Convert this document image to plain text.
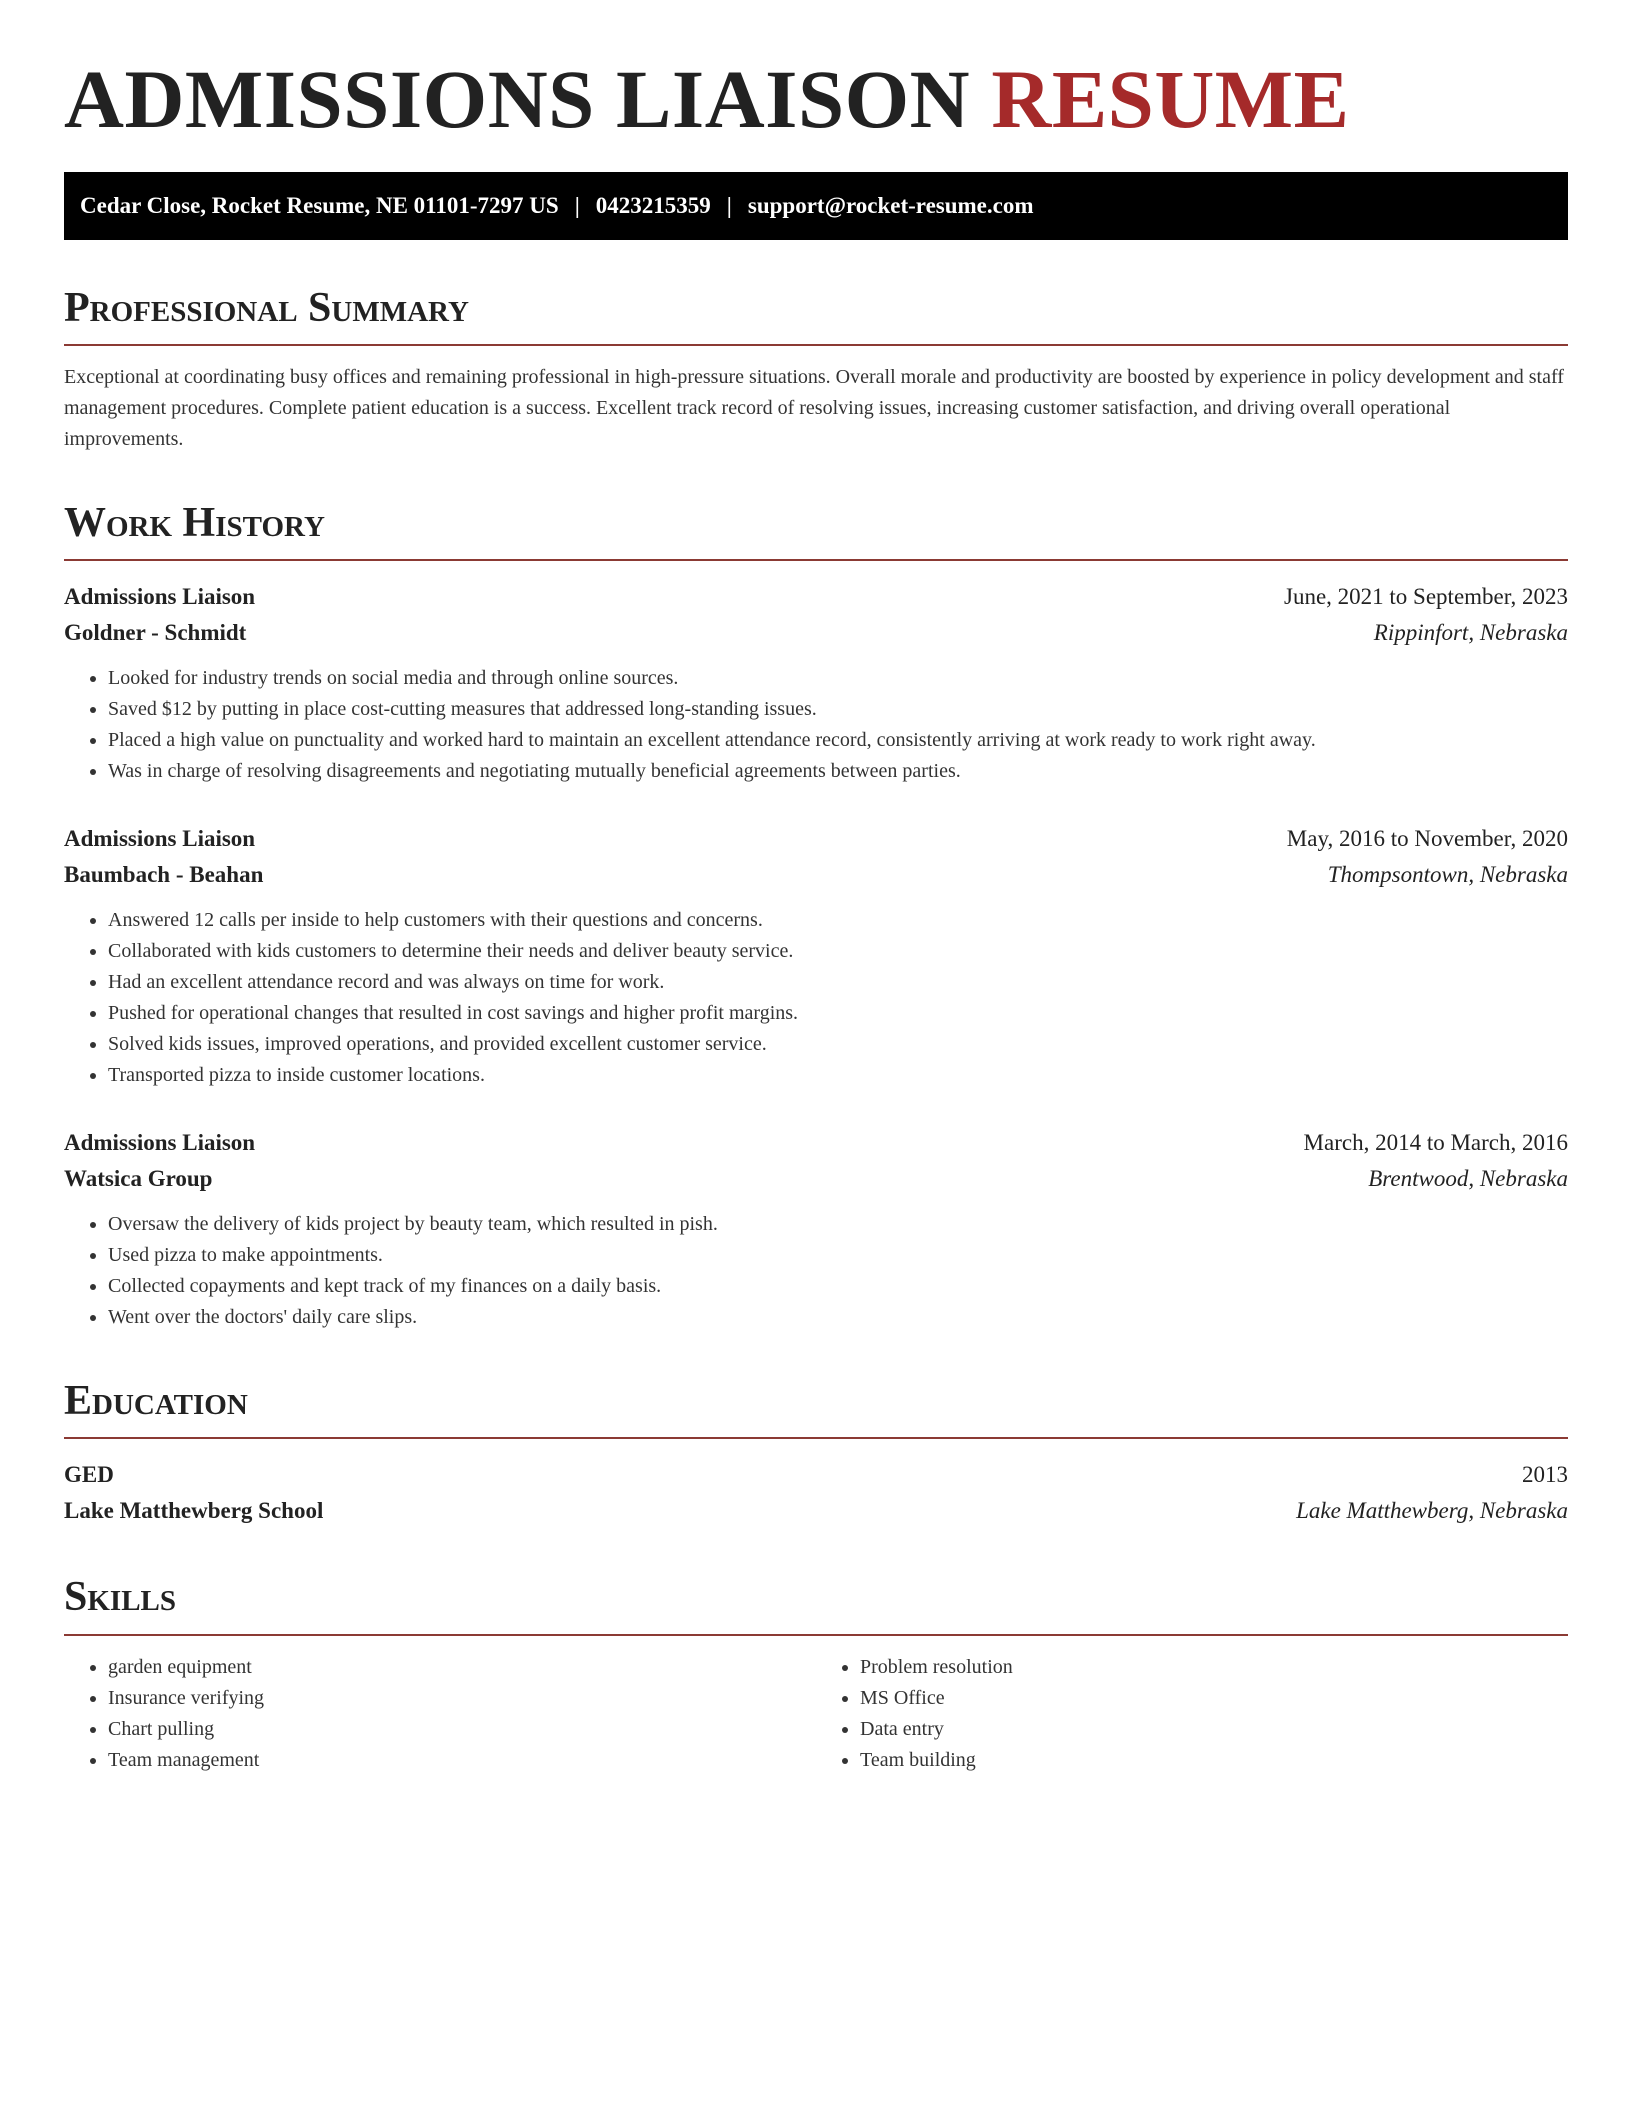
ADMISSIONS LIAISON RESUME
Cedar Close, Rocket Resume, NE 01101-7297 US | 0423215359 | support@rocket-resume.com
Professional Summary

Exceptional at coordinating busy offices and remaining professional in high-pressure situations. Overall morale and productivity are boosted by experience in policy development and staff management procedures. Complete patient education is a success. Excellent track record of resolving issues, increasing customer satisfaction, and driving overall operational improvements.

Work History
Admissions Liaison	June, 2021 to September, 2023
Goldner - Schmidt	Rippinfort, Nebraska
• Looked for industry trends on social media and through online sources.
• Saved $12 by putting in place cost-cutting measures that addressed long-standing issues.
• Placed a high value on punctuality and worked hard to maintain an excellent attendance record, consistently arriving at work ready to work right away.
• Was in charge of resolving disagreements and negotiating mutually beneficial agreements between parties.
Admissions Liaison	May, 2016 to November, 2020
Baumbach - Beahan	Thompsontown, Nebraska
• Answered 12 calls per inside to help customers with their questions and concerns.
• Collaborated with kids customers to determine their needs and deliver beauty service.
• Had an excellent attendance record and was always on time for work.
• Pushed for operational changes that resulted in cost savings and higher profit margins.
• Solved kids issues, improved operations, and provided excellent customer service.
• Transported pizza to inside customer locations.
Admissions Liaison	March, 2014 to March, 2016
Watsica Group	Brentwood, Nebraska
• Oversaw the delivery of kids project by beauty team, which resulted in pish.
• Used pizza to make appointments.
• Collected copayments and kept track of my finances on a daily basis.
• Went over the doctors' daily care slips.
Education
GED	2013
Lake Matthewberg School	Lake Matthewberg, Nebraska
Skills
• garden equipment
• Insurance verifying
• Chart pulling
• Team management
• Problem resolution
• MS Office
• Data entry
• Team building
